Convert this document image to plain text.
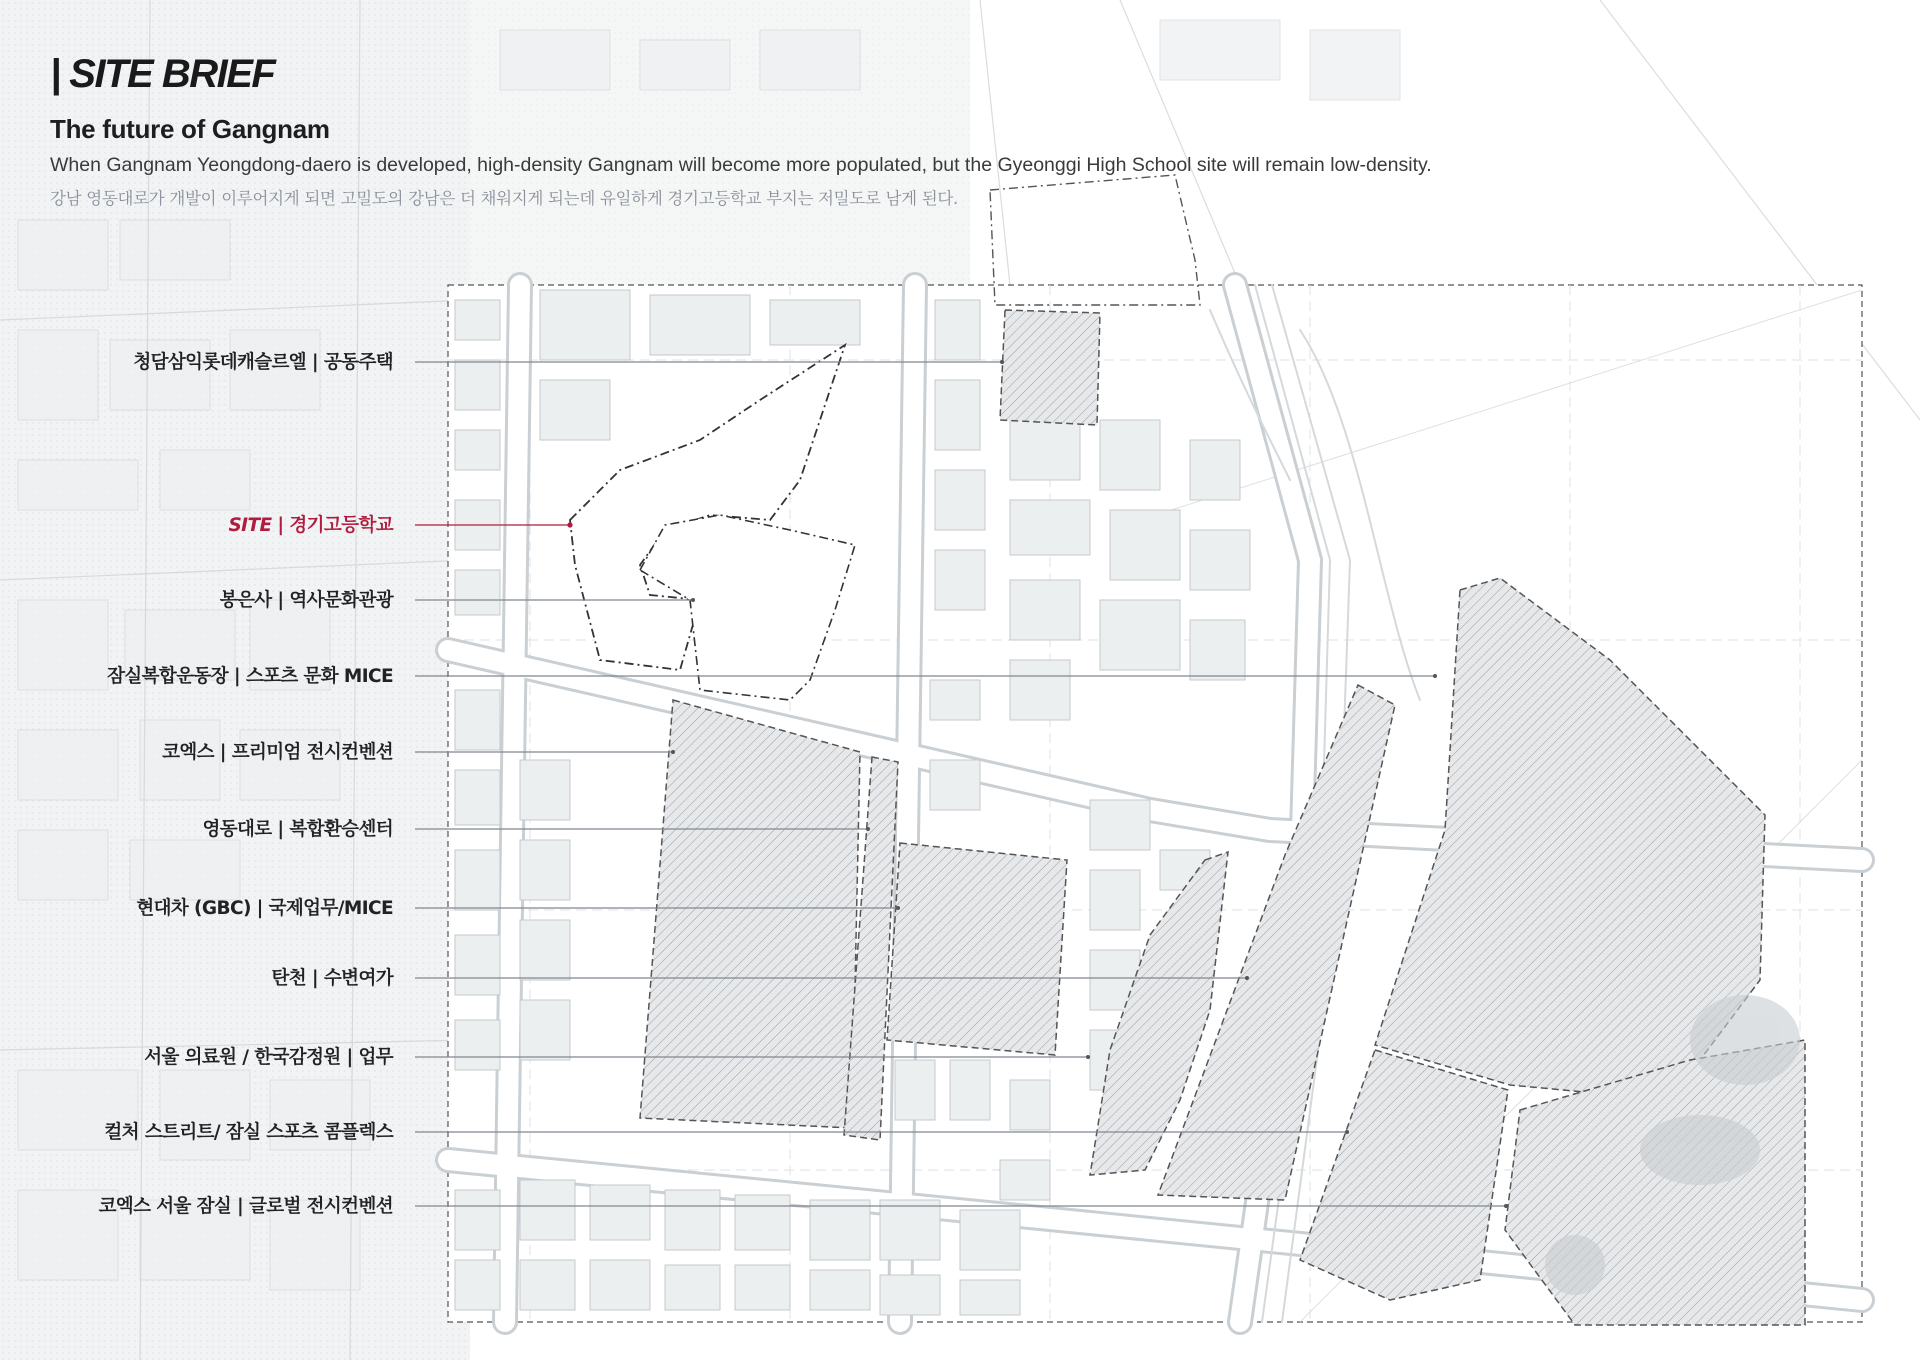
| SITE BRIEF
The future of Gangnam
When Gangnam Yeongdong-daero is developed, high-density Gangnam will become more populated, but the Gyeonggi High School site will remain low-density.
강남 영동대로가 개발이 이루어지게 되면 고밀도의 강남은 더 채워지게 되는데 유일하게 경기고등학교 부지는 저밀도로 남게 된다.
청담삼익롯데캐슬르엘 | 공동주택
SITE | 경기고등학교
봉은사 | 역사문화관광
잠실복합운동장 | 스포츠 문화 MICE
코엑스 | 프리미엄 전시컨벤션
영동대로 | 복합환승센터
현대차 (GBC) | 국제업무/MICE
탄천 | 수변여가
서울 의료원 / 한국감정원 | 업무
컬처 스트리트/ 잠실 스포츠 콤플렉스
코엑스 서울 잠실 | 글로벌 전시컨벤션
